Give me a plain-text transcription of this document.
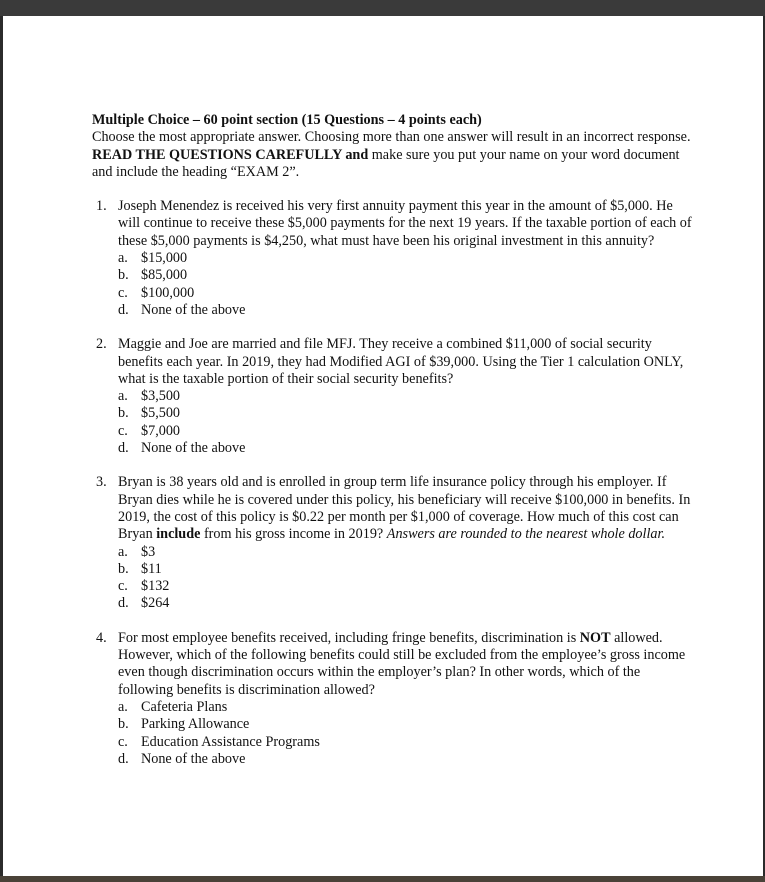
Multiple Choice – 60 point section (15 Questions – 4 points each)

Choose the most appropriate answer. Choosing more than one answer will result in an incorrect response. READ THE QUESTIONS CAREFULLY and make sure you put your name on your word document and include the heading “EXAM 2”.

1. Joseph Menendez is received his very first annuity payment this year in the amount of $5,000. He will continue to receive these $5,000 payments for the next 19 years. If the taxable portion of each of these $5,000 payments is $4,250, what must have been his original investment in this annuity?

a. $15,000

b. $85,000

c. $100,000

d. None of the above

2. Maggie and Joe are married and file MFJ. They receive a combined $11,000 of social security benefits each year. In 2019, they had Modified AGI of $39,000. Using the Tier 1 calculation ONLY, what is the taxable portion of their social security benefits?

a. $3,500

b. $5,500

c. $7,000

d. None of the above

3. Bryan is 38 years old and is enrolled in group term life insurance policy through his employer. If Bryan dies while he is covered under this policy, his beneficiary will receive $100,000 in benefits. In 2019, the cost of this policy is $0.22 per month per $1,000 of coverage. How much of this cost can Bryan include from his gross income in 2019? Answers are rounded to the nearest whole dollar.

a. $3

b. $11

c. $132

d. $264

4. For most employee benefits received, including fringe benefits, discrimination is NOT allowed. However, which of the following benefits could still be excluded from the employee’s gross income even though discrimination occurs within the employer’s plan? In other words, which of the following benefits is discrimination allowed?

a. Cafeteria Plans

b. Parking Allowance

c. Education Assistance Programs

d. None of the above
